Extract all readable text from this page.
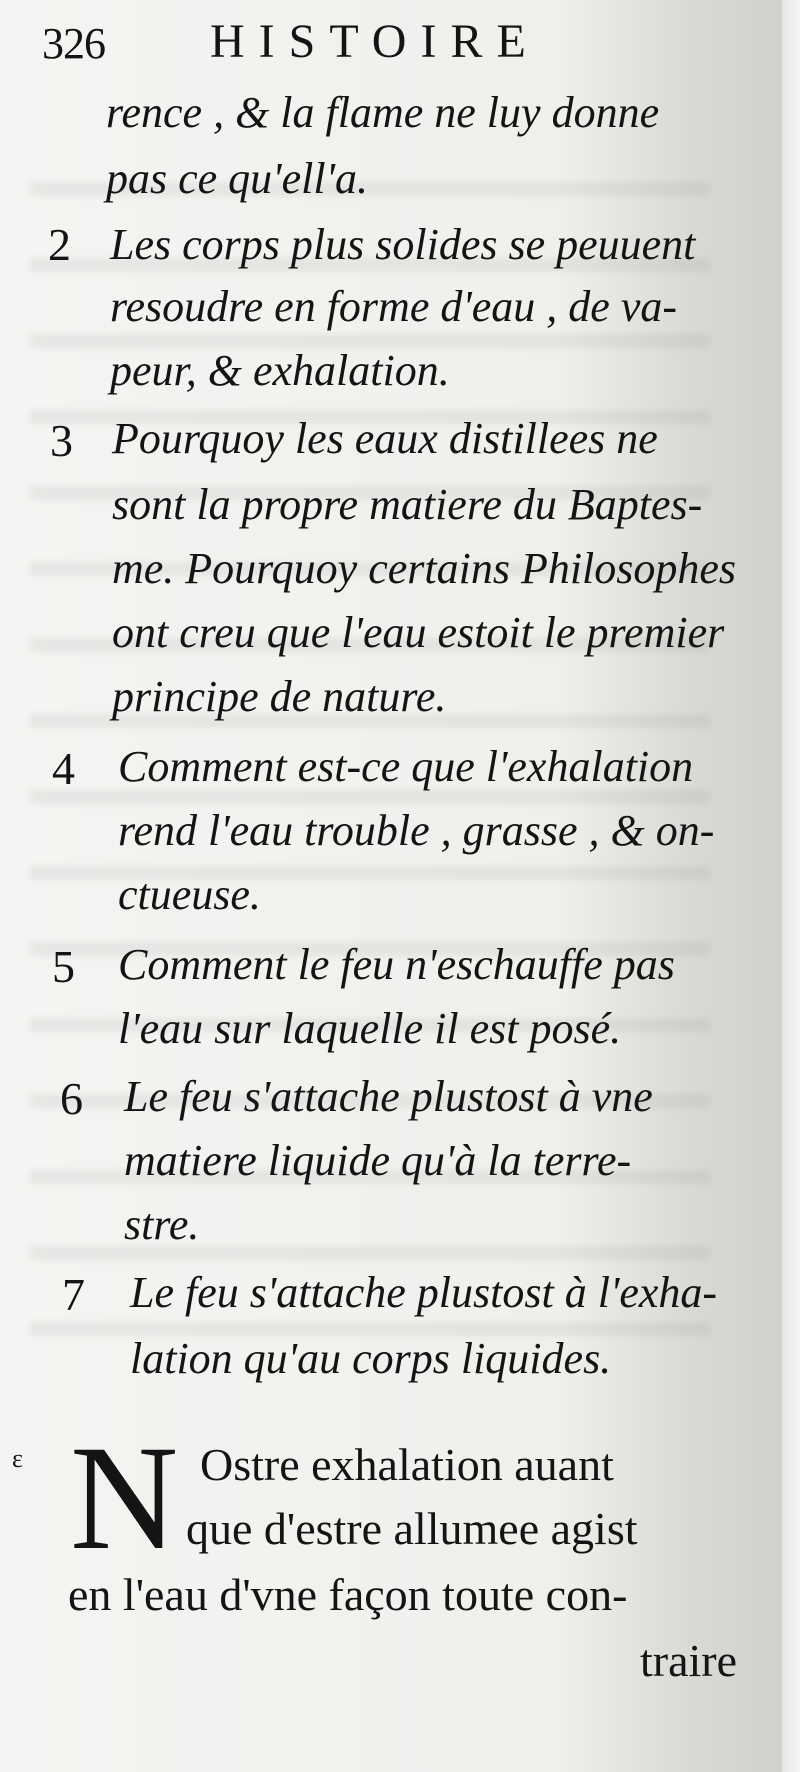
326 HISTOIRE
rence , & la flame ne luy donne
pas ce qu'ell'a.
2 Les corps plus solides se peuuent
resoudre en forme d'eau , de va-
peur, & exhalation.
3 Pourquoy les eaux distillees ne
sont la propre matiere du Baptes-
me. Pourquoy certains Philosophes
ont creu que l'eau estoit le premier
principe de nature.
4 Comment est-ce que l'exhalation
rend l'eau trouble , grasse , & on-
ctueuse.
5 Comment le feu n'eschauffe pas
l'eau sur laquelle il est posé.
6 Le feu s'attache plustost à vne
matiere liquide qu'à la terre-
stre.
7 Le feu s'attache plustost à l'exha-
lation qu'au corps liquides.
ɛ N Ostre exhalation auant
que d'estre allumee agist
en l'eau d'vne façon toute con-
traire
